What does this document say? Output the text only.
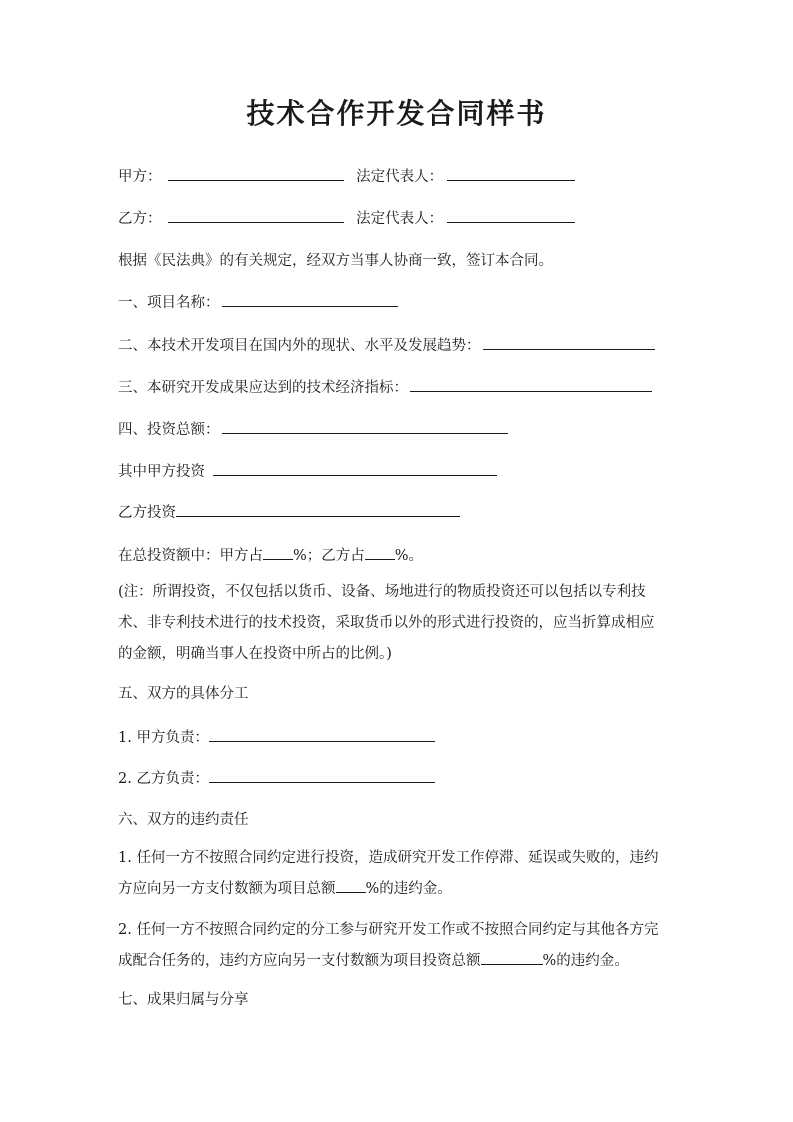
技术合作开发合同样书
甲方：	法定代表人：
乙方：	法定代表人：
根据《民法典》的有关规定，经双方当事人协商一致，签订本合同。
一、项目名称：
二、本技术开发项目在国内外的现状、水平及发展趋势：
三、本研究开发成果应达到的技术经济指标：
四、投资总额：
其中甲方投资
乙方投资
在总投资额中：甲方占 %；乙方占 %。
(注：所谓投资，不仅包括以货币、设备、场地进行的物质投资还可以包括以专利技
术、非专利技术进行的技术投资，采取货币以外的形式进行投资的，应当折算成相应
的金额，明确当事人在投资中所占的比例。)
五、双方的具体分工
1. 甲方负责：
2. 乙方负责：
六、双方的违约责任
1. 任何一方不按照合同约定进行投资，造成研究开发工作停滞、延误或失败的，违约
方应向另一方支付数额为项目总额 %的违约金。
2. 任何一方不按照合同约定的分工参与研究开发工作或不按照合同约定与其他各方完
成配合任务的，违约方应向另一支付数额为项目投资总额	%的违约金。
七、成果归属与分享
